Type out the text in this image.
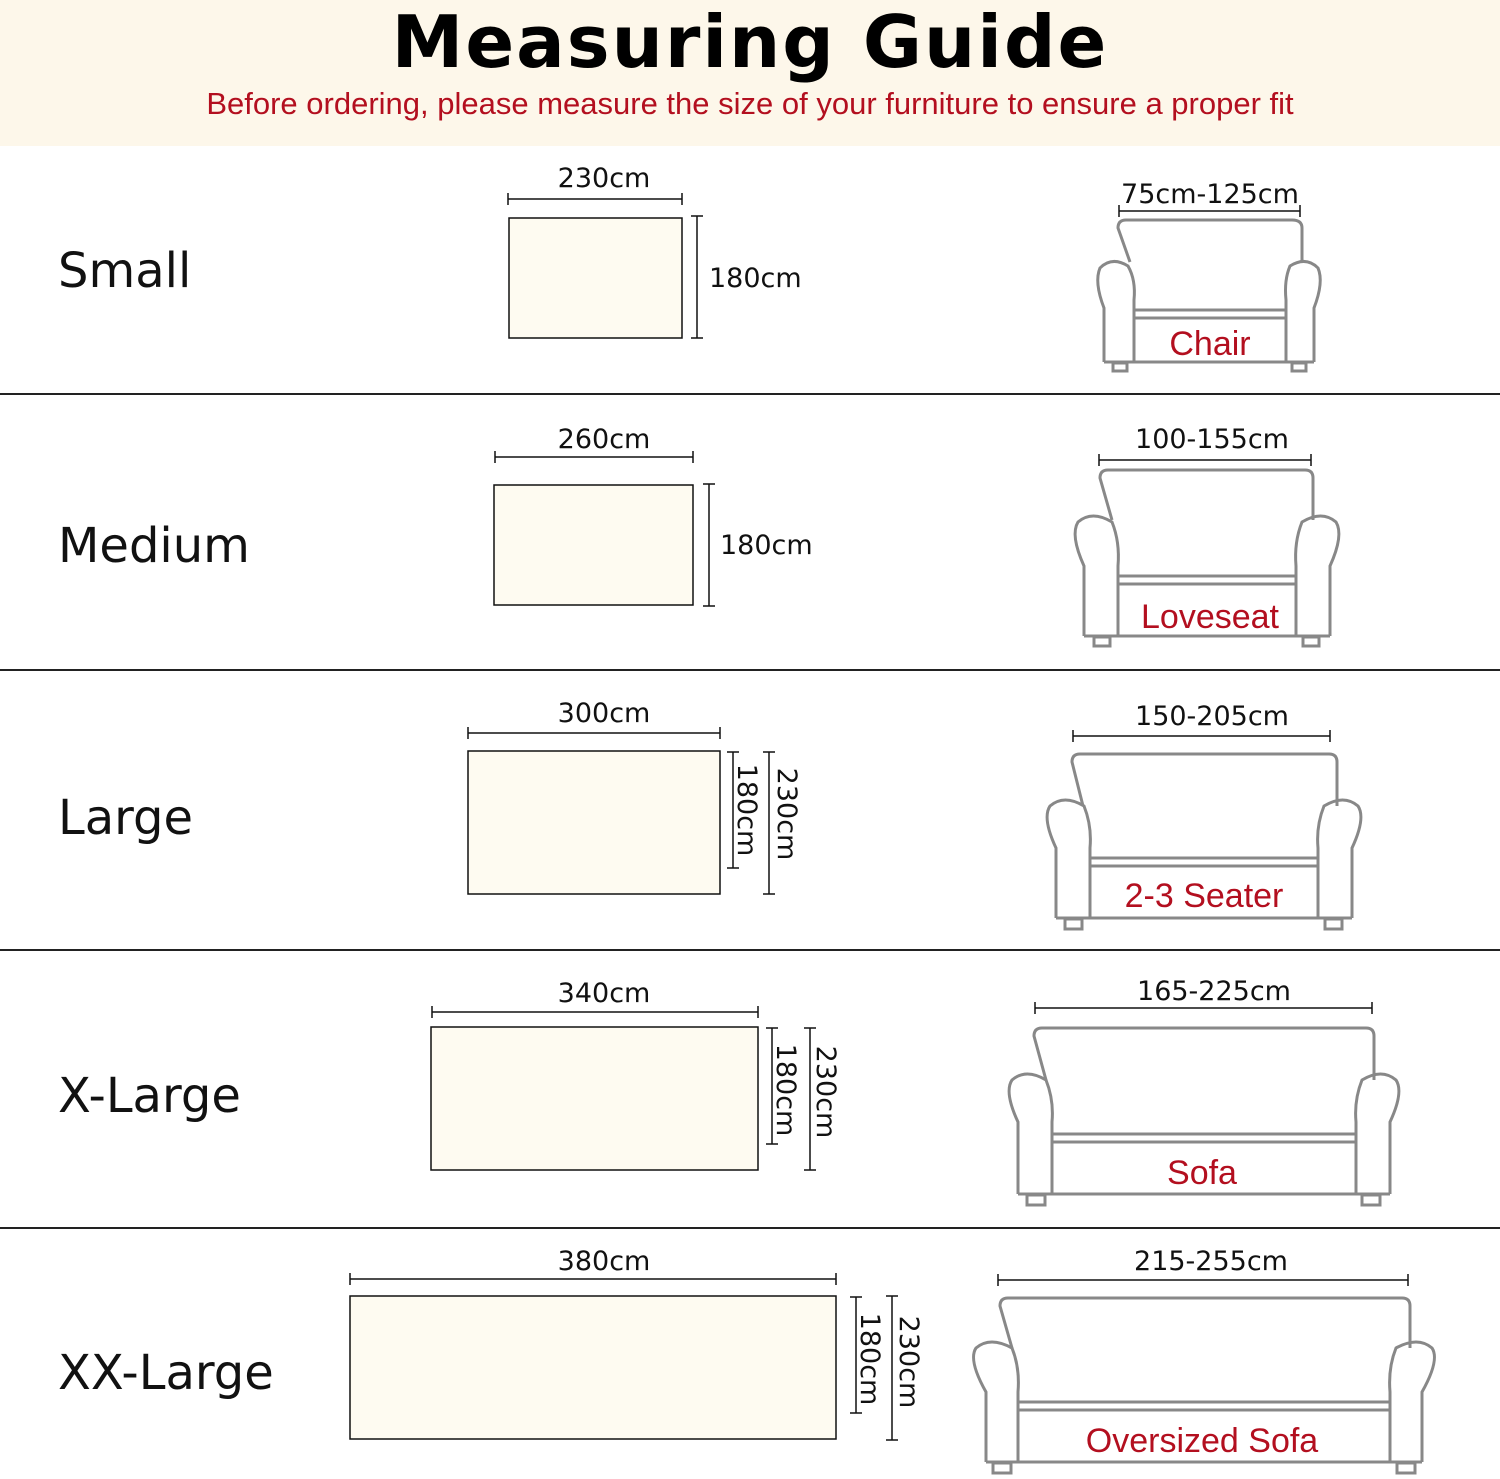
Measuring Guide
Before ordering, please measure the size of your furniture to ensure a proper fit
Small
Medium
Large
X-Large
XX-Large
230cm
180cm
Chair
75cm-125cm
260cm
180cm
100-155cm
Loveseat
300cm
180cm 230cm
150-205cm
2-3 Seater
340cm
180cm 230cm
165-225cm
Sofa
380cm
180cm 230cm
215-255cm
Oversized Sofa
